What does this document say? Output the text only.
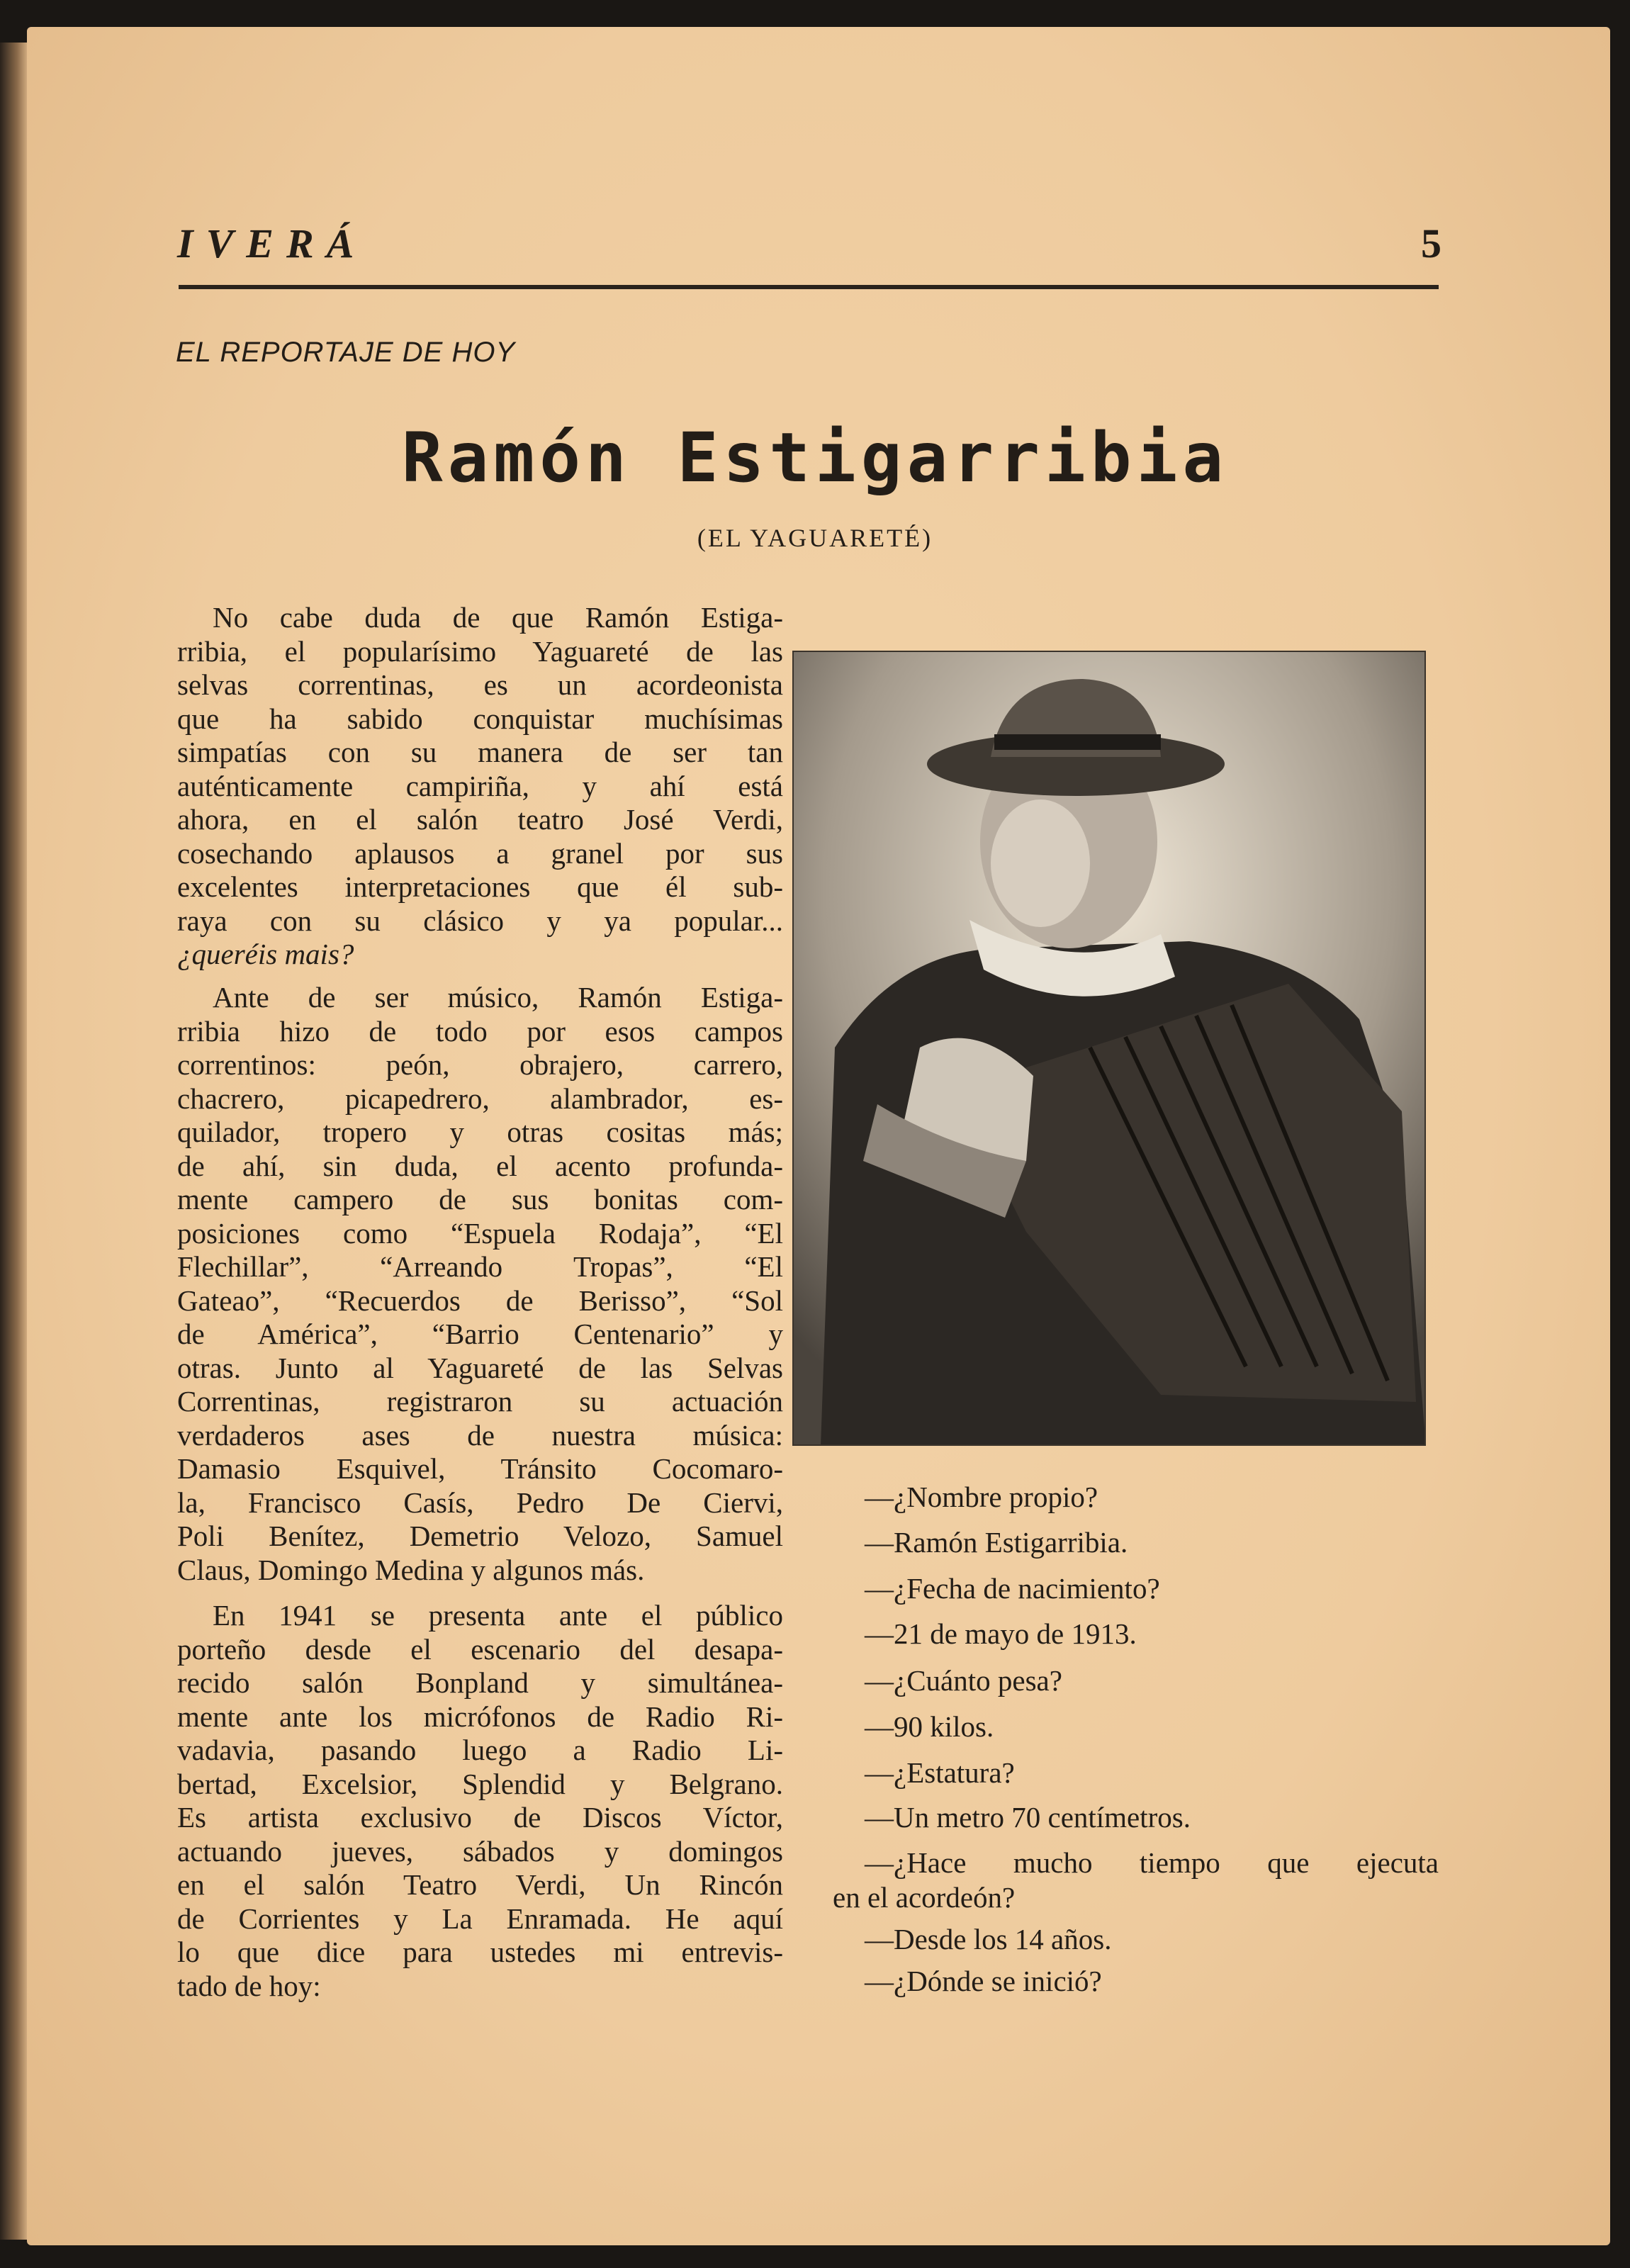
IVERÁ	5
EL REPORTAJE DE HOY
Ramón Estigarribia
(EL YAGUARETÉ)
No cabe duda de que Ramón Estiga-
rribia, el popularísimo Yaguareté de las
selvas correntinas, es un acordeonista
que ha sabido conquistar muchísimas
simpatías con su manera de ser tan
auténticamente campiriña, y ahí está
ahora, en el salón teatro José Verdi,
cosechando aplausos a granel por sus
excelentes interpretaciones que él sub-
raya con su clásico y ya popular...
¿queréis mais?
Ante de ser músico, Ramón Estiga-
rribia hizo de todo por esos campos
correntinos: peón, obrajero, carrero,
chacrero, picapedrero, alambrador, es-
quilador, tropero y otras cositas más;
de ahí, sin duda, el acento profunda-
mente campero de sus bonitas com-
posiciones como “Espuela Rodaja”, “El
Flechillar”, “Arreando Tropas”, “El
Gateao”, “Recuerdos de Berisso”, “Sol
de América”, “Barrio Centenario” y
otras. Junto al Yaguareté de las Selvas
Correntinas, registraron su actuación
verdaderos ases de nuestra música:
Damasio Esquivel, Tránsito Cocomaro-
la, Francisco Casís, Pedro De Ciervi,
Poli Benítez, Demetrio Velozo, Samuel
Claus, Domingo Medina y algunos más.
En 1941 se presenta ante el público
porteño desde el escenario del desapa-
recido salón Bonpland y simultánea-
mente ante los micrófonos de Radio Ri-
vadavia, pasando luego a Radio Li-
bertad, Excelsior, Splendid y Belgrano.
Es artista exclusivo de Discos Víctor,
actuando jueves, sábados y domingos
en el salón Teatro Verdi, Un Rincón
de Corrientes y La Enramada. He aquí
lo que dice para ustedes mi entrevis-
tado de hoy:
—¿Nombre propio?
—Ramón Estigarribia.
—¿Fecha de nacimiento?
—21 de mayo de 1913.
—¿Cuánto pesa?
—90 kilos.
—¿Estatura?
—Un metro 70 centímetros.
—¿Hace mucho tiempo que ejecuta
en el acordeón?
—Desde los 14 años.
—¿Dónde se inició?
